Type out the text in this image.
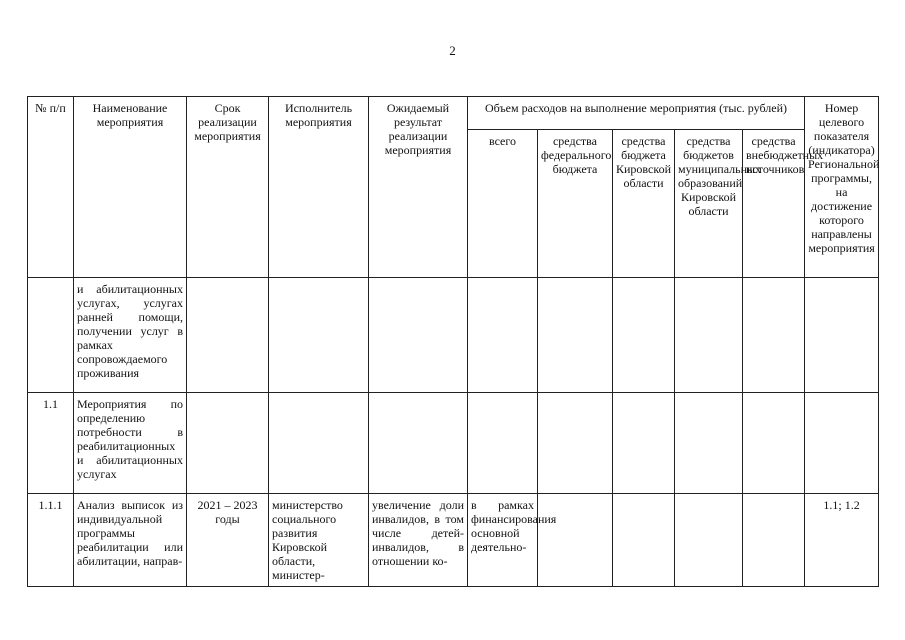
2
№ п/п	Наименование мероприятия	Срок реализации мероприятия	Исполнитель мероприятия	Ожидаемый результат реализации мероприятия	Объем расходов на выполнение мероприятия (тыс. рублей)					Номер целевого показателя (индикатора) Региональной программы, на достижение которого направлены мероприятия
					всего	средства федерального бюджета	средства бюджета Кировской области	средства бюджетов муниципальных образований Кировской области	средства внебюджетных источников	
	и абилитационных услугах, услугах ранней помощи, получении услуг в рамках сопровождаемого проживания									
1.1	Мероприятия по определению потребности в реабилитационных и абилитационных услугах									
1.1.1	Анализ выписок из индивидуальной программы реабилитации или абилитации, направ-	2021 – 2023 годы	министерство социального развития Кировской области, министер-	увеличение доли инвалидов, в том числе детей-инвалидов, в отношении ко-	в рамках финансирования основной деятельно-					1.1; 1.2
